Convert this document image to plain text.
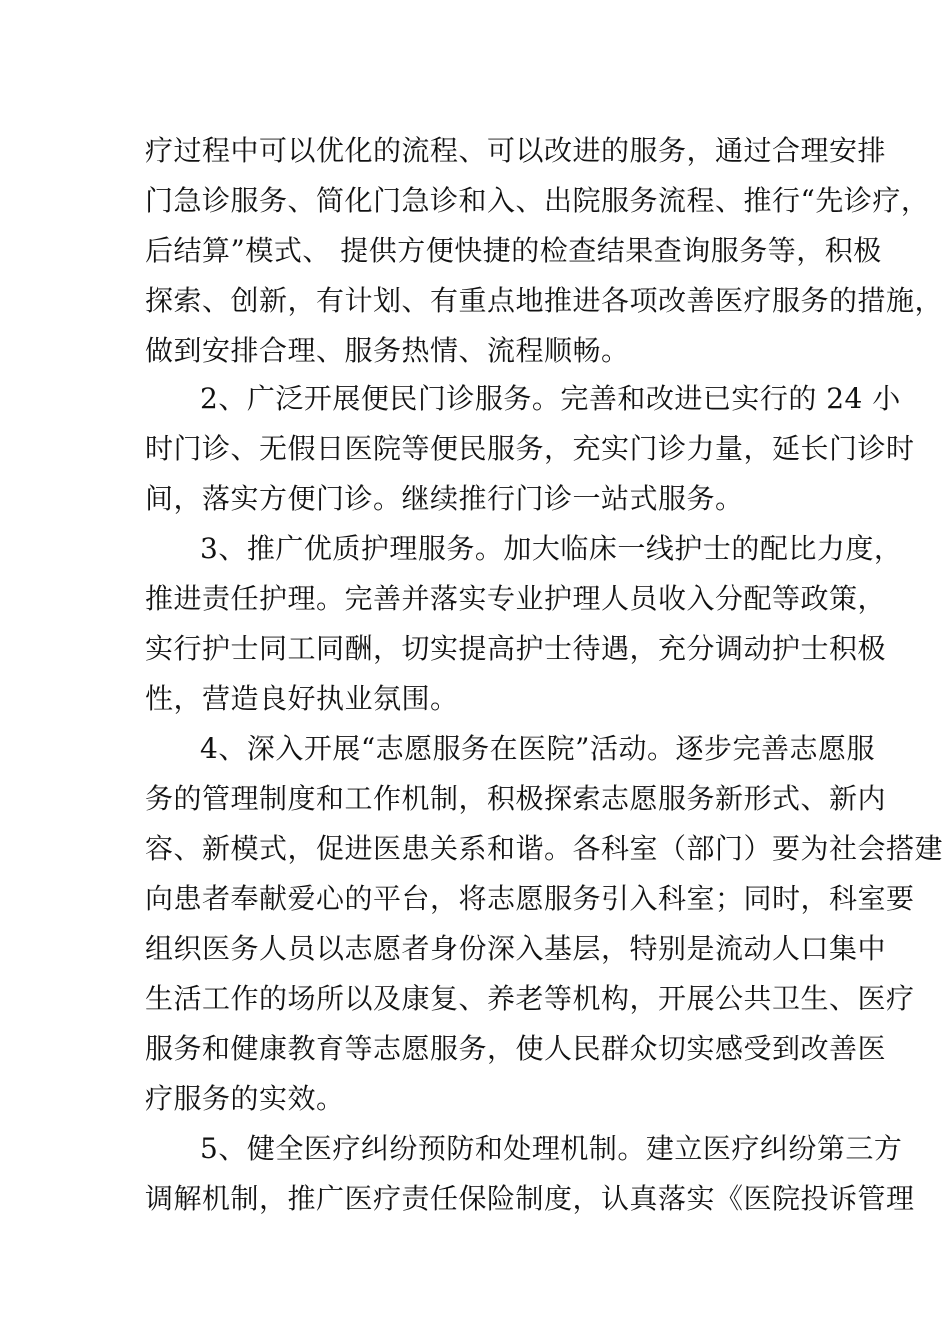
疗过程中可以优化的流程、可以改进的服务，通过合理安排
门急诊服务、简化门急诊和入、出院服务流程、推行“先诊疗，
后结算”模式、 提供方便快捷的检查结果查询服务等，积极
探索、创新，有计划、有重点地推进各项改善医疗服务的措施，
做到安排合理、服务热情、流程顺畅。
2、广泛开展便民门诊服务。完善和改进已实行的 24 小
时门诊、无假日医院等便民服务，充实门诊力量，延长门诊时
间，落实方便门诊。继续推行门诊一站式服务。
3、推广优质护理服务。加大临床一线护士的配比力度，
推进责任护理。完善并落实专业护理人员收入分配等政策，
实行护士同工同酬，切实提高护士待遇，充分调动护士积极
性，营造良好执业氛围。
4、深入开展“志愿服务在医院”活动。逐步完善志愿服
务的管理制度和工作机制，积极探索志愿服务新形式、新内
容、新模式，促进医患关系和谐。各科室（部门）要为社会搭建
向患者奉献爱心的平台，将志愿服务引入科室；同时，科室要
组织医务人员以志愿者身份深入基层，特别是流动人口集中
生活工作的场所以及康复、养老等机构，开展公共卫生、医疗
服务和健康教育等志愿服务，使人民群众切实感受到改善医
疗服务的实效。
5、健全医疗纠纷预防和处理机制。建立医疗纠纷第三方
调解机制，推广医疗责任保险制度，认真落实《医院投诉管理
